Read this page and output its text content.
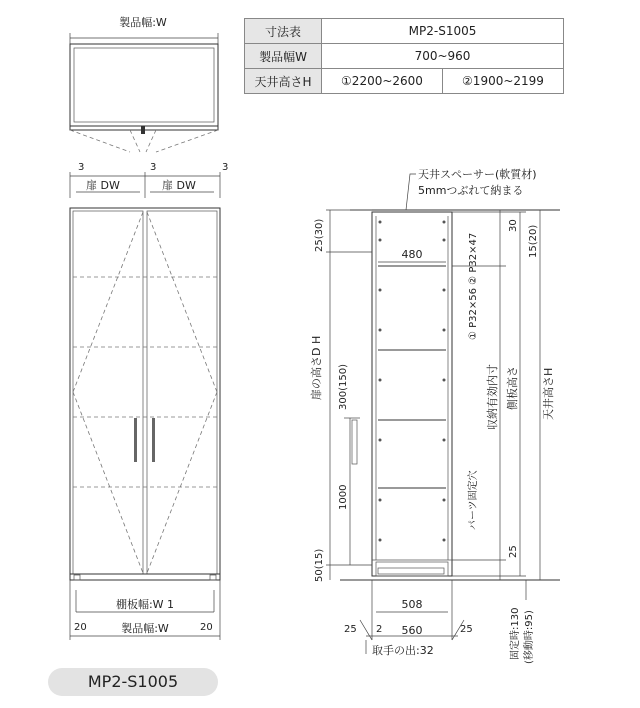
寸法表	MP2-S1005	
製品幅W	700~960	
天井高さH	①2200~2600	②1900~2199
製品幅:W
3	3	3
扉 DW	扉 DW
棚板幅:W 1
製品幅:W
20	20
天井スペーサー(軟質材)
5mmつぶれて納まる
480
25(30)
扉の高さD H 300(150)
1000
50(15)
30 15(20)
① P32×56 ② P32×47
パーツ固定穴
収納有効内寸 側板高さ 天井高さH
25
508
560
25 2	25
取手の出:32	固定時:130 (移動時:95)
MP2-S1005
